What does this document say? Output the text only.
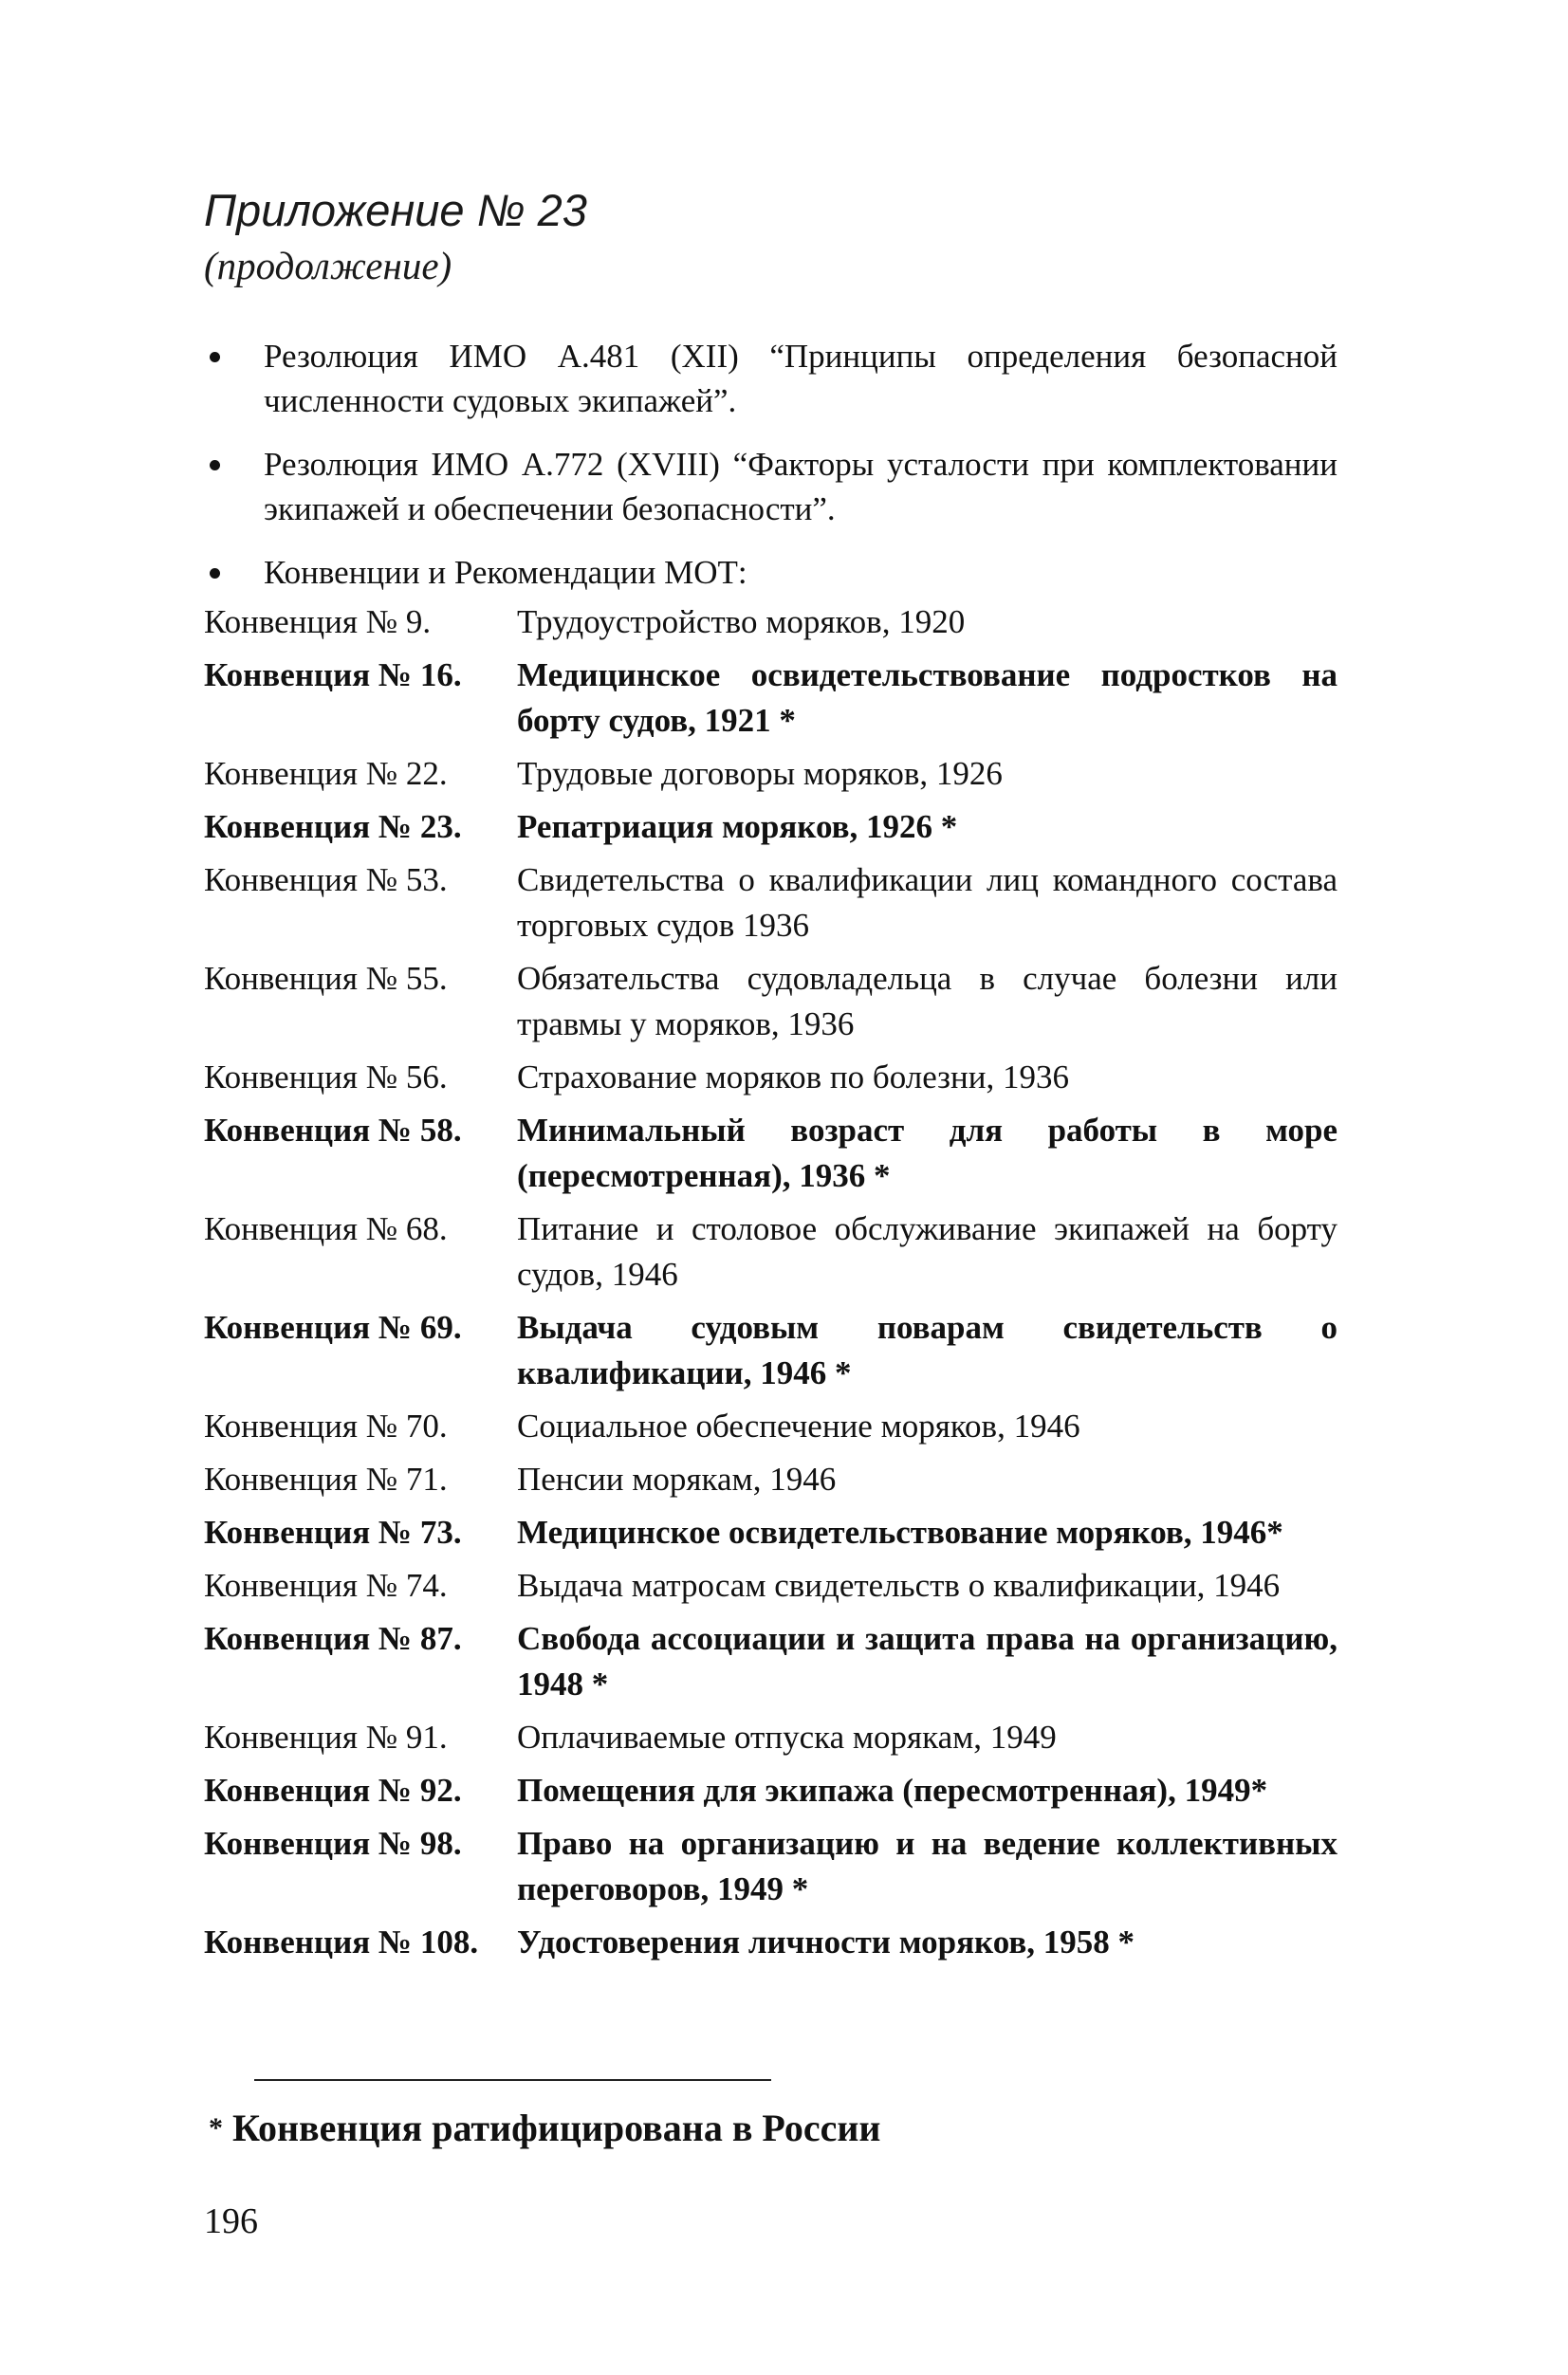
Приложение № 23
(продолжение)
Резолюция ИМО А.481 (XII) “Принципы определения безопасной численности судовых экипажей”.
Резолюция ИМО А.772 (XVIII) “Факторы усталости при комплектовании экипажей и обеспечении безопасности”.
Конвенции и Рекомендации МОТ:
Конвенция № 9.	Трудоустройство моряков, 1920
Конвенция № 16.	Медицинское освидетельствование подростков на борту судов, 1921 *
Конвенция № 22.	Трудовые договоры моряков, 1926
Конвенция № 23.	Репатриация моряков, 1926 *
Конвенция № 53.	Свидетельства о квалификации лиц командного состава торговых судов 1936
Конвенция № 55.	Обязательства судовладельца в случае болезни или травмы у моряков, 1936
Конвенция № 56.	Страхование моряков по болезни, 1936
Конвенция № 58.	Минимальный возраст для работы в море (пересмотренная), 1936 *
Конвенция № 68.	Питание и столовое обслуживание экипажей на борту судов, 1946
Конвенция № 69.	Выдача судовым поварам свидетельств о квалификации, 1946 *
Конвенция № 70.	Социальное обеспечение моряков, 1946
Конвенция № 71.	Пенсии морякам, 1946
Конвенция № 73.	Медицинское освидетельствование моряков, 1946*
Конвенция № 74.	Выдача матросам свидетельств о квалификации, 1946
Конвенция № 87.	Свобода ассоциации и защита права на организацию, 1948 *
Конвенция № 91.	Оплачиваемые отпуска морякам, 1949
Конвенция № 92.	Помещения для экипажа (пересмотренная), 1949*
Конвенция № 98.	Право на организацию и на ведение коллективных переговоров, 1949 *
Конвенция № 108.	Удостоверения личности моряков, 1958 *
* Конвенция ратифицирована в России
196
